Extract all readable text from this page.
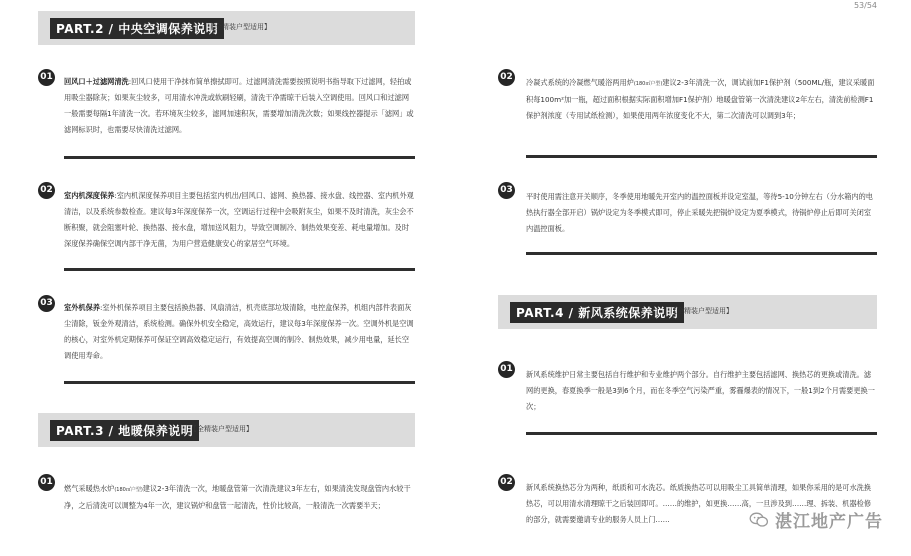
53/54
PART.2 / 中央空调保养说明
【全精装户型适用】
01	回风口＋过滤网清洗:回风口使用干净抹布简单擦拭即可。过滤网清洗需要按照说明书指导取下过滤网，轻拍或用吸尘器除灰；如果灰尘较多，可用清水冲洗或软刷轻刷，清洗干净需晾干后装入空调使用。回风口和过滤网一般需要每隔1年清洗一次。若环境灰尘较多，滤网加速积灰，需要增加清洗次数；如果线控器提示「滤网」或滤网标识时，也需要尽快清洗过滤网。
02
室内机深度保养:室内机深度保养项目主要包括室内机出/回风口、滤网、换热器、接水盘、线控器、室内机外观清洁，以及系统参数检查。建议每3年深度保养一次，空调运行过程中会吸附灰尘，如果不及时清洗，灰尘会不断积聚，就会阻塞叶轮、换热器、接水盘，增加送风阻力，导致空调制冷、制热效果变差、耗电量增加。及时深度保养确保空调内部干净无菌，为用户营造健康安心的家居空气环境。
03	室外机保养:室外机保养项目主要包括换热器、风扇清洁，机壳底部垃圾清除，电控盒保养，机组内部件表面灰尘清除，钣金外观清洁，系统检测。确保外机安全稳定，高效运行，建议每3年深度保养一次。空调外机是空调的核心，对室外机定期保养可保证空调高效稳定运行，有效提高空调的制冷、制热效果，减少用电量，延长空调使用寿命。
PART.3 / 地暖保养说明
【全精装户型适用】
01
燃气采暖热水炉(180㎡户型)建议2-3年清洗一次，地暖盘管第一次清洗建议3年左右，如果清洗发现盘管内水较干净，之后清洗可以调整为4年一次，建议锅炉和盘管一起清洗，性价比较高，一般清洗一次需要半天；
02
冷凝式系统的冷凝燃气暖浴两用炉(180㎡户型)建议2-3年清洗一次，调试前加F1保护剂（500ML/瓶，建议采暖面积每100m²加一瓶，超过面积根据实际面积增加F1保护剂）地暖盘管第一次清洗建议2年左右，清洗前检测F1保护剂浓度（专用试纸检测），如果使用两年浓度变化不大，第二次清洗可以调到3年；
03
平时使用需注意开关顺序，冬季使用地暖先开室内的温控面板并设定室温，等待5-10分钟左右（分水箱内的电热执行器全部开启）锅炉设定为冬季模式即可，停止采暖先把锅炉设定为夏季模式，待锅炉停止后即可关闭室内温控面板。
PART.4 / 新风系统保养说明
【全精装户型适用】
01
新风系统维护日常主要包括自行维护和专业维护两个部分。自行维护主要包括滤网、换热芯的更换或清洗。滤网的更换，春夏换季一般是3到6个月，而在冬季空气污染严重，雾霾爆表的情况下，一般1到2个月需要更换一次；
02
新风系统换热芯分为两种，纸质和可水洗芯。纸质换热芯可以用吸尘工具简单清理，如果你采用的是可水洗换热芯，可以用清水清理晾干之后装回即可。……的维护，如更换……高，一旦涉及到……理、拆装、机器检修的部分，就需要邀请专业的服务人员上门……	湛江地产广告
